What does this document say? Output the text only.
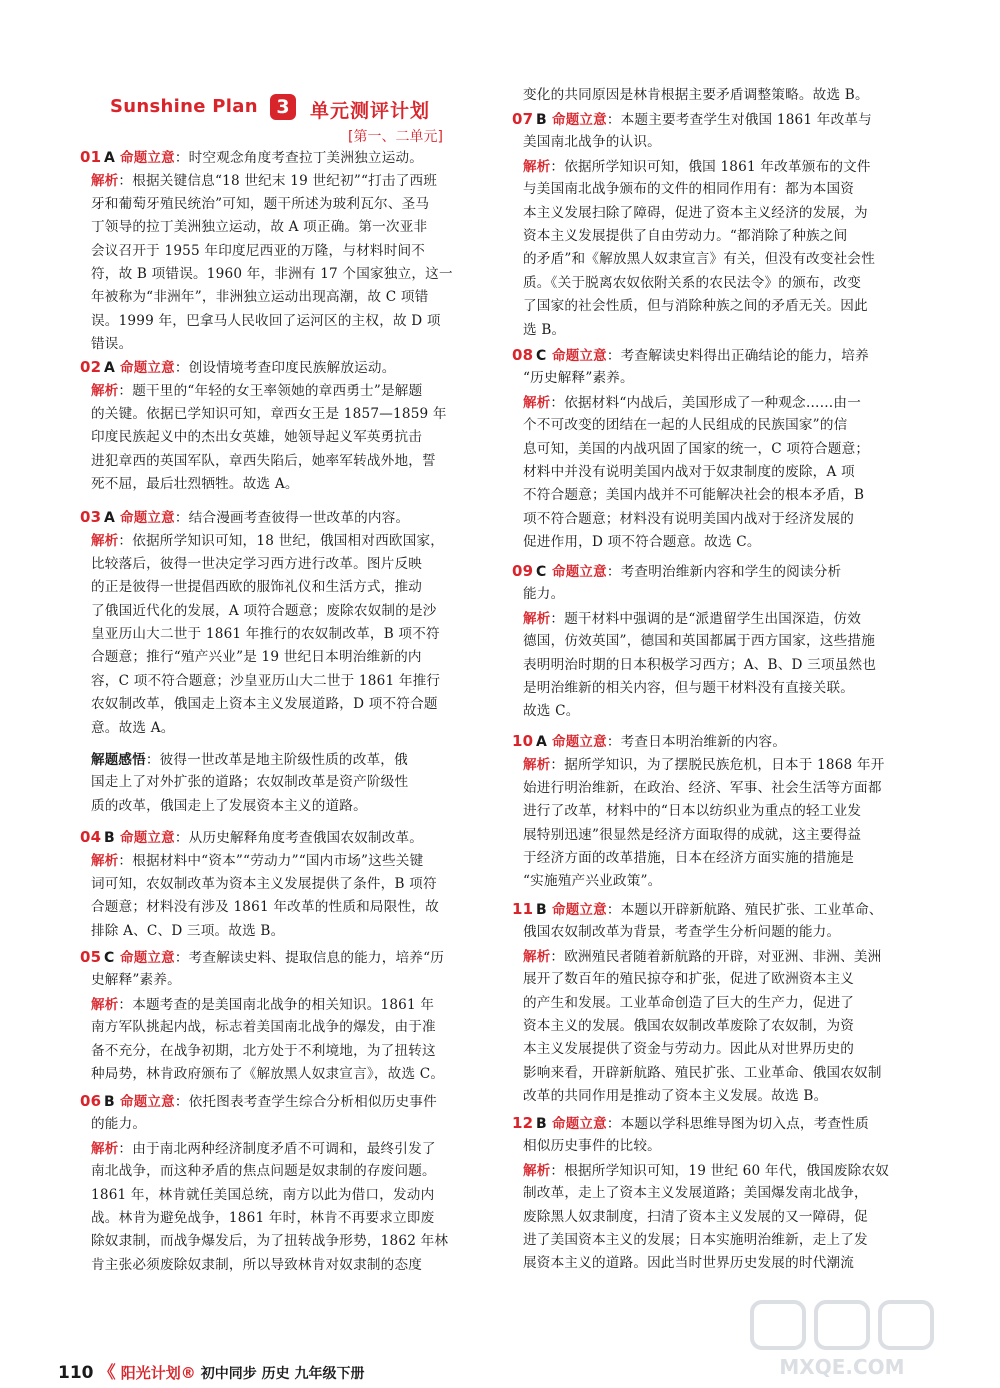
Sunshine Plan 3	单元测评计划
[第一、二单元]
01 A 命题立意：时空观念角度考查拉丁美洲独立运动。
解析：根据关键信息“18 世纪末 19 世纪初”“打击了西班
牙和葡萄牙殖民统治”可知，题干所述为玻利瓦尔、圣马
丁领导的拉丁美洲独立运动，故 A 项正确。第一次亚非
会议召开于 1955 年印度尼西亚的万隆，与材料时间不
符，故 B 项错误。1960 年，非洲有 17 个国家独立，这一
年被称为“非洲年”，非洲独立运动出现高潮，故 C 项错
误。1999 年，巴拿马人民收回了运河区的主权，故 D 项
错误。
02 A 命题立意：创设情境考查印度民族解放运动。
解析：题干里的“年轻的女王率领她的章西勇士”是解题
的关键。依据已学知识可知，章西女王是 1857—1859 年
印度民族起义中的杰出女英雄，她领导起义军英勇抗击
进犯章西的英国军队，章西失陷后，她率军转战外地，誓
死不屈，最后壮烈牺牲。故选 A。
03 A 命题立意：结合漫画考查彼得一世改革的内容。
解析：依据所学知识可知，18 世纪，俄国相对西欧国家，
比较落后，彼得一世决定学习西方进行改革。图片反映
的正是彼得一世提倡西欧的服饰礼仪和生活方式，推动
了俄国近代化的发展，A 项符合题意；废除农奴制的是沙
皇亚历山大二世于 1861 年推行的农奴制改革，B 项不符
合题意；推行“殖产兴业”是 19 世纪日本明治维新的内
容，C 项不符合题意；沙皇亚历山大二世于 1861 年推行
农奴制改革，俄国走上资本主义发展道路，D 项不符合题
意。故选 A。
解题感悟：彼得一世改革是地主阶级性质的改革，俄
国走上了对外扩张的道路；农奴制改革是资产阶级性
质的改革，俄国走上了发展资本主义的道路。
04 B 命题立意：从历史解释角度考查俄国农奴制改革。
解析：根据材料中“资本”“劳动力”“国内市场”这些关键
词可知，农奴制改革为资本主义发展提供了条件，B 项符
合题意；材料没有涉及 1861 年改革的性质和局限性，故
排除 A、C、D 三项。故选 B。
05 C 命题立意：考查解读史料、提取信息的能力，培养“历
史解释”素养。
解析：本题考查的是美国南北战争的相关知识。1861 年
南方军队挑起内战，标志着美国南北战争的爆发，由于准
备不充分，在战争初期，北方处于不利境地，为了扭转这
种局势，林肯政府颁布了《解放黑人奴隶宣言》，故选 C。
06 B 命题立意：依托图表考查学生综合分析相似历史事件
的能力。
解析：由于南北两种经济制度矛盾不可调和，最终引发了
南北战争，而这种矛盾的焦点问题是奴隶制的存废问题。
1861 年，林肯就任美国总统，南方以此为借口，发动内
战。林肯为避免战争，1861 年时，林肯不再要求立即废
除奴隶制，而战争爆发后，为了扭转战争形势，1862 年林
肯主张必须废除奴隶制，所以导致林肯对奴隶制的态度
变化的共同原因是林肯根据主要矛盾调整策略。故选 B。
07 B 命题立意：本题主要考查学生对俄国 1861 年改革与
美国南北战争的认识。
解析：依据所学知识可知，俄国 1861 年改革颁布的文件
与美国南北战争颁布的文件的相同作用有：都为本国资
本主义发展扫除了障碍，促进了资本主义经济的发展，为
资本主义发展提供了自由劳动力。“都消除了种族之间
的矛盾”和《解放黑人奴隶宣言》有关，但没有改变社会性
质。《关于脱离农奴依附关系的农民法令》的颁布，改变
了国家的社会性质，但与消除种族之间的矛盾无关。因此
选 B。
08 C 命题立意：考查解读史料得出正确结论的能力，培养
“历史解释”素养。
解析：依据材料“内战后，美国形成了一种观念……由一
个不可改变的团结在一起的人民组成的民族国家”的信
息可知，美国的内战巩固了国家的统一，C 项符合题意；
材料中并没有说明美国内战对于奴隶制度的废除，A 项
不符合题意；美国内战并不可能解决社会的根本矛盾，B
项不符合题意；材料没有说明美国内战对于经济发展的
促进作用，D 项不符合题意。故选 C。
09 C 命题立意：考查明治维新内容和学生的阅读分析
能力。
解析：题干材料中强调的是“派遣留学生出国深造，仿效
德国，仿效英国”，德国和英国都属于西方国家，这些措施
表明明治时期的日本积极学习西方；A、B、D 三项虽然也
是明治维新的相关内容，但与题干材料没有直接关联。
故选 C。
10 A 命题立意：考查日本明治维新的内容。
解析：据所学知识，为了摆脱民族危机，日本于 1868 年开
始进行明治维新，在政治、经济、军事、社会生活等方面都
进行了改革，材料中的“日本以纺织业为重点的轻工业发
展特别迅速”很显然是经济方面取得的成就，这主要得益
于经济方面的改革措施，日本在经济方面实施的措施是
“实施殖产兴业政策”。
11 B 命题立意：本题以开辟新航路、殖民扩张、工业革命、
俄国农奴制改革为背景，考查学生分析问题的能力。
解析：欧洲殖民者随着新航路的开辟，对亚洲、非洲、美洲
展开了数百年的殖民掠夺和扩张，促进了欧洲资本主义
的产生和发展。工业革命创造了巨大的生产力，促进了
资本主义的发展。俄国农奴制改革废除了农奴制，为资
本主义发展提供了资金与劳动力。因此从对世界历史的
影响来看，开辟新航路、殖民扩张、工业革命、俄国农奴制
改革的共同作用是推动了资本主义发展。故选 B。
12 B 命题立意：本题以学科思维导图为切入点，考查性质
相似历史事件的比较。
解析：根据所学知识可知，19 世纪 60 年代，俄国废除农奴
制改革，走上了资本主义发展道路；美国爆发南北战争，
废除黑人奴隶制度，扫清了资本主义发展的又一障碍，促
进了美国资本主义的发展；日本实施明治维新，走上了发
展资本主义的道路。因此当时世界历史发展的时代潮流
110 《 阳光计划® 初中同步 历史 九年级下册	MXQE.COM
